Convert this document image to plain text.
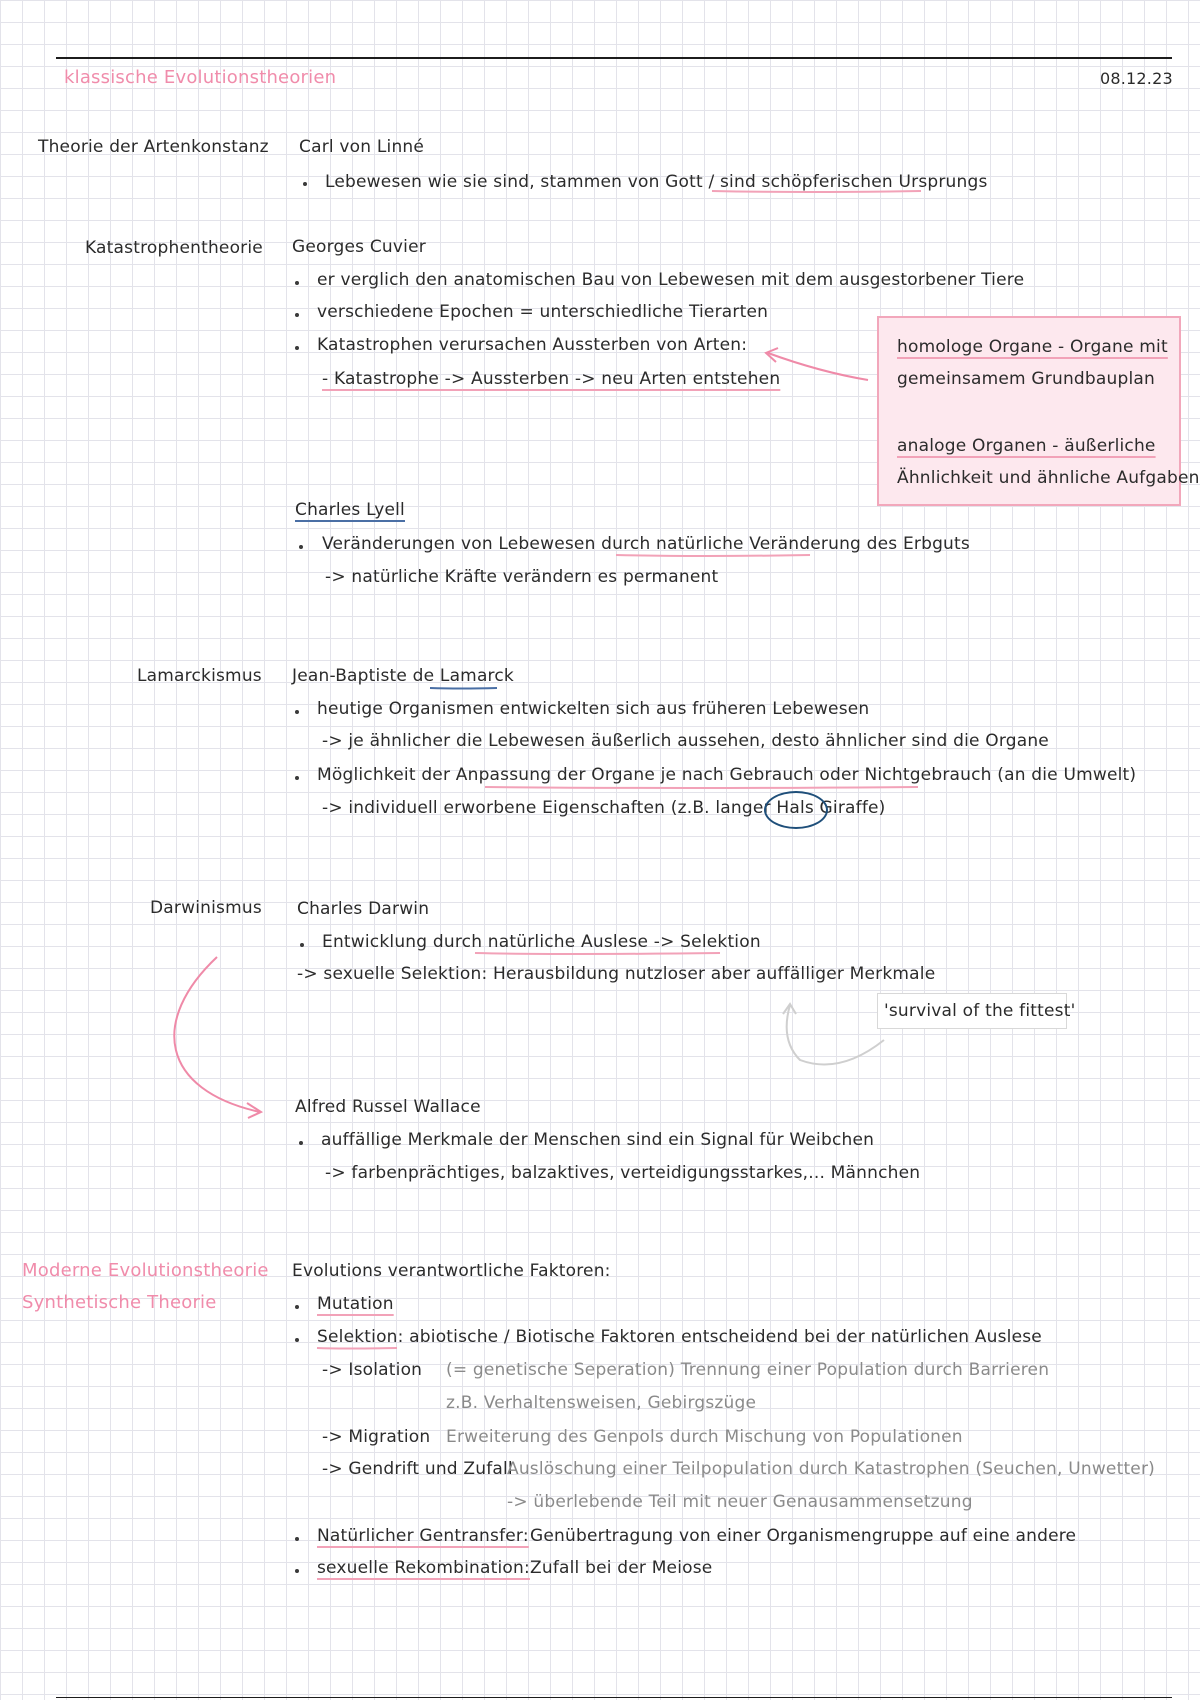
klassische Evolutionstheorien	08.12.23
Theorie der Artenkonstanz Carl von Linné
Lebewesen wie sie sind, stammen von Gott / sind schöpferischen Ursprungs
Katastrophentheorie Georges Cuvier
er verglich den anatomischen Bau von Lebewesen mit dem ausgestorbener Tiere
verschiedene Epochen = unterschiedliche Tierarten
Katastrophen verursachen Aussterben von Arten:
- Katastrophe -> Aussterben -> neu Arten entstehen
homologe Organe - Organe mit
gemeinsamem Grundbauplan
analoge Organen - äußerliche
Ähnlichkeit und ähnliche Aufgaben
Charles Lyell
Veränderungen von Lebewesen durch natürliche Veränderung des Erbguts
-> natürliche Kräfte verändern es permanent
Lamarckismus Jean-Baptiste de Lamarck
heutige Organismen entwickelten sich aus früheren Lebewesen
-> je ähnlicher die Lebewesen äußerlich aussehen, desto ähnlicher sind die Organe
Möglichkeit der Anpassung der Organe je nach Gebrauch oder Nichtgebrauch (an die Umwelt)
-> individuell erworbene Eigenschaften (z.B. langer Hals Giraffe)
Darwinismus Charles Darwin
Entwicklung durch natürliche Auslese -> Selektion
-> sexuelle Selektion: Herausbildung nutzloser aber auffälliger Merkmale
'survival of the fittest'
Alfred Russel Wallace
auffällige Merkmale der Menschen sind ein Signal für Weibchen
-> farbenprächtiges, balzaktives, verteidigungsstarkes,... Männchen
Moderne Evolutionstheorie
Synthetische Theorie
Evolutions verantwortliche Faktoren:
Mutation
Selektion: abiotische / Biotische Faktoren entscheidend bei der natürlichen Auslese
-> Isolation (= genetische Seperation) Trennung einer Population durch Barrieren
z.B. Verhaltensweisen, Gebirgszüge
-> Migration Erweiterung des Genpols durch Mischung von Populationen
-> Gendrift und Zufall
Auslöschung einer Teilpopulation durch Katastrophen (Seuchen, Unwetter)
-> überlebende Teil mit neuer Genausammensetzung
Natürlicher Gentransfer: Genübertragung von einer Organismengruppe auf eine andere
sexuelle Rekombination: Zufall bei der Meiose
